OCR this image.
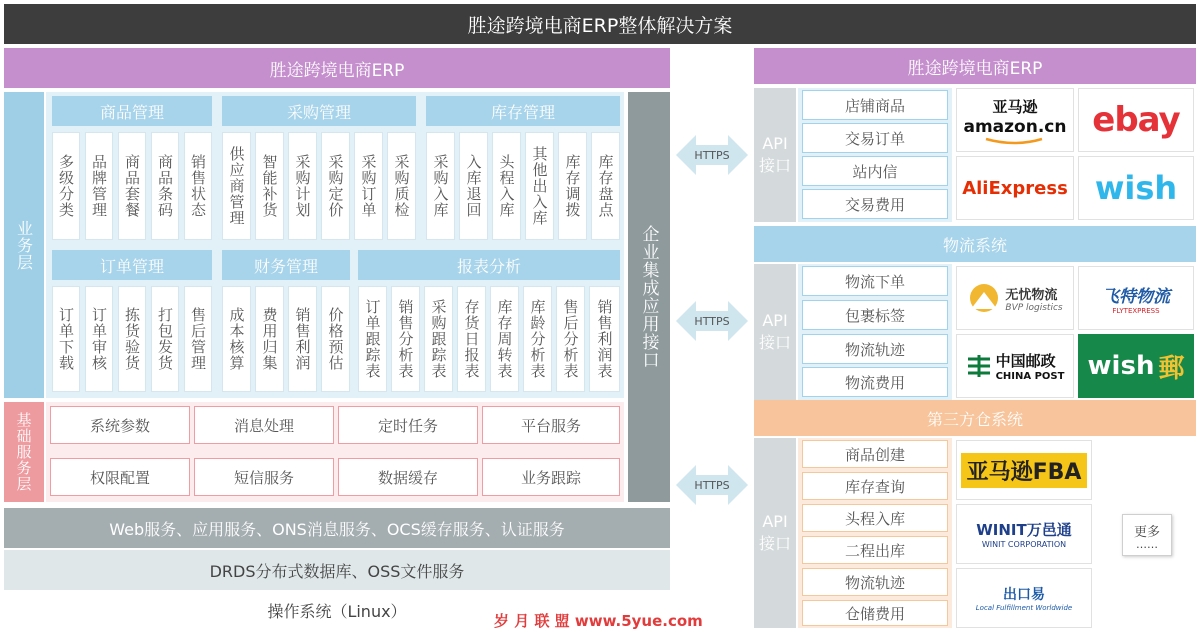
胜途跨境电商ERP整体解决方案
胜途跨境电商ERP
业务层
商品管理
多级分类	品牌管理	商品套餐	商品条码	销售状态
采购管理
供应商管理	智能补货	采购计划	采购定价	采购订单	采购质检
库存管理
采购入库	入库退回	头程入库	其他出入库	库存调拨	库存盘点
订单管理
订单下载	订单审核	拣货验货	打包发货	售后管理
财务管理
成本核算	费用归集	销售利润	价格预估
报表分析
订单跟踪表	销售分析表	采购跟踪表	存货日报表	库存周转表	库龄分析表	售后分析表	销售利润表	企业集成应用接口
基础服务层	系统参数	消息处理	定时任务	平台服务
权限配置	短信服务	数据缓存	业务跟踪
Web服务、应用服务、ONS消息服务、OCS缓存服务、认证服务
DRDS分布式数据库、OSS文件服务
操作系统（Linux）
HTTPS
HTTPS
HTTPS
胜途跨境电商ERP
API接口
店铺商品
交易订单
站内信
交易费用
亚马逊
amazon.cn ebay
AliExpress wish
物流系统
API接口
物流下单
包裹标签
物流轨迹
物流费用
无忧物流
BVP logistics
飞特物流
FLYTEXPRESS
中国邮政
CHINA POST wish 郵
第三方仓系统
API接口
商品创建
库存查询
头程入库
二程出库
物流轨迹
仓储费用
亚马逊FBA
WINIT万邑通
WINIT CORPORATION
出口易
Local Fulfillment Worldwide
更多
……
岁 月 联 盟 www.5yue.com
